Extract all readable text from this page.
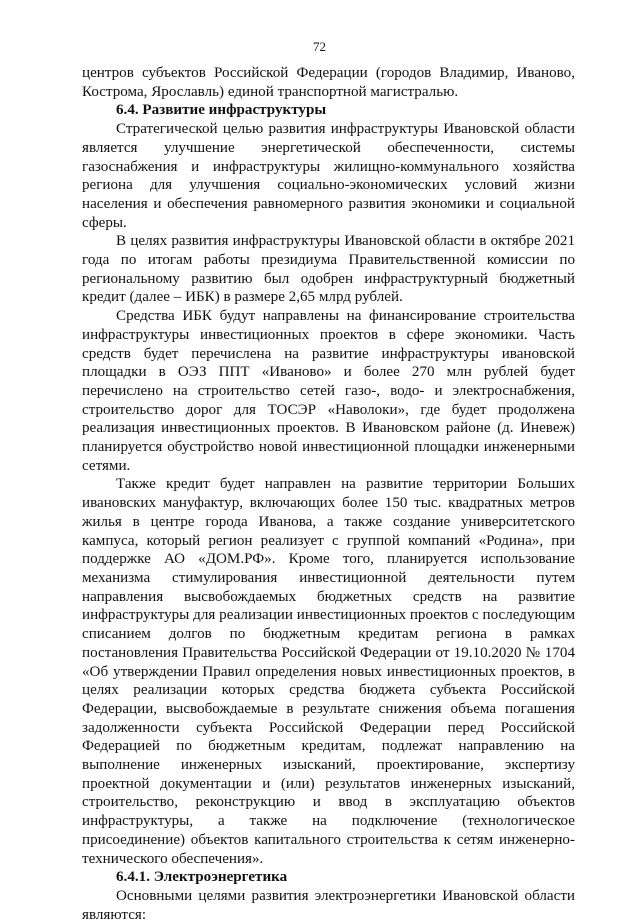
72

центров субъектов Российской Федерации (городов Владимир, Иваново, Кострома, Ярославль) единой транспортной магистралью.

6.4. Развитие инфраструктуры

Стратегической целью развития инфраструктуры Ивановской области является улучшение энергетической обеспеченности, системы газоснабжения и инфраструктуры жилищно-коммунального хозяйства региона для улучшения социально-экономических условий жизни населения и обеспечения равномерного развития экономики и социальной сферы.

В целях развития инфраструктуры Ивановской области в октябре 2021 года по итогам работы президиума Правительственной комиссии по региональному развитию был одобрен инфраструктурный бюджетный кредит (далее – ИБК) в размере 2,65 млрд рублей.

Средства ИБК будут направлены на финансирование строительства инфраструктуры инвестиционных проектов в сфере экономики. Часть средств будет перечислена на развитие инфраструктуры ивановской площадки в ОЭЗ ППТ «Иваново» и более 270 млн рублей будет перечислено на строительство сетей газо-, водо- и электроснабжения, строительство дорог для ТОСЭР «Наволоки», где будет продолжена реализация инвестиционных проектов. В Ивановском районе (д. Иневеж) планируется обустройство новой инвестиционной площадки инженерными сетями.

Также кредит будет направлен на развитие территории Больших ивановских мануфактур, включающих более 150 тыс. квадратных метров жилья в центре города Иванова, а также создание университетского кампуса, который регион реализует с группой компаний «Родина», при поддержке АО «ДОМ.РФ». Кроме того, планируется использование механизма стимулирования инвестиционной деятельности путем направления высвобождаемых бюджетных средств на развитие инфраструктуры для реализации инвестиционных проектов с последующим списанием долгов по бюджетным кредитам региона в рамках постановления Правительства Российской Федерации от 19.10.2020 № 1704 «Об утверждении Правил определения новых инвестиционных проектов, в целях реализации которых средства бюджета субъекта Российской Федерации, высвобождаемые в результате снижения объема погашения задолженности субъекта Российской Федерации перед Российской Федерацией по бюджетным кредитам, подлежат направлению на выполнение инженерных изысканий, проектирование, экспертизу проектной документации и (или) результатов инженерных изысканий, строительство, реконструкцию и ввод в эксплуатацию объектов инфраструктуры, а также на подключение (технологическое присоединение) объектов капитального строительства к сетям инженерно-технического обеспечения».

6.4.1. Электроэнергетика

Основными целями развития электроэнергетики Ивановской области являются:
